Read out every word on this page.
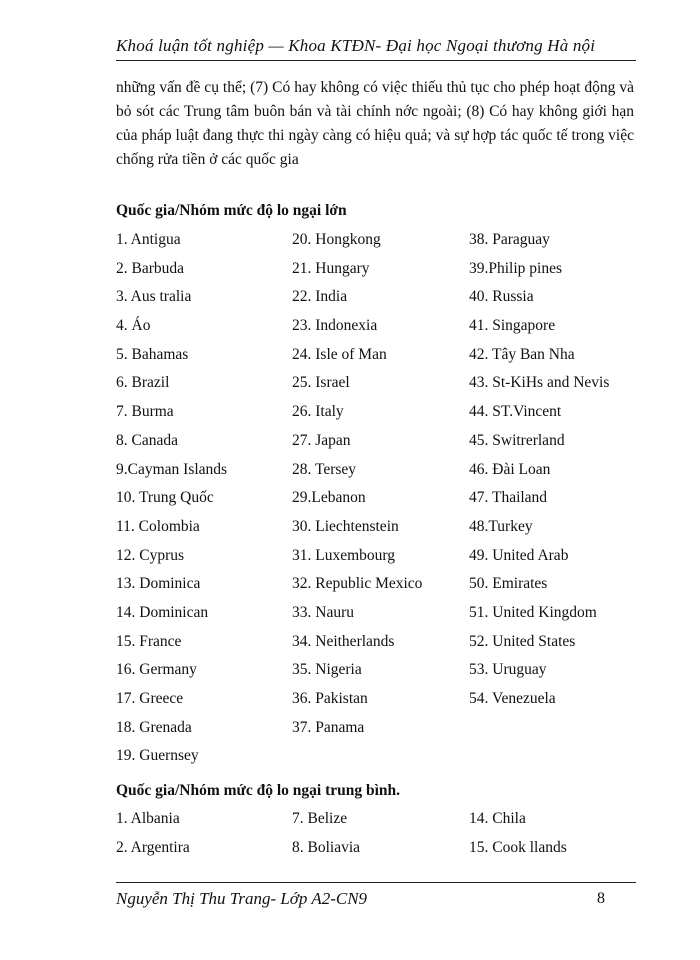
Khoá luận tốt nghiệp — Khoa KTĐN- Đại học Ngoại thương Hà nội

những vấn đề cụ thể; (7) Có hay không có việc thiếu thủ tục cho phép hoạt động và bỏ sót các Trung tâm buôn bán và tài chính nớc ngoài; (8) Có hay không giới hạn của pháp luật đang thực thi ngày càng có hiệu quả; và sự hợp tác quốc tế trong việc chống rửa tiền ở các quốc gia

Quốc gia/Nhóm mức độ lo ngại lớn
1. Antigua
2. Barbuda
3. Aus tralia
4. Áo
5. Bahamas
6. Brazil
7. Burma
8. Canada
9.Cayman Islands
10. Trung Quốc
11. Colombia
12. Cyprus
13. Dominica
14. Dominican
15. France
16. Germany
17. Greece
18. Grenada
19. Guernsey
20. Hongkong
21. Hungary
22. India
23. Indonexia
24. Isle of Man
25. Israel
26. Italy
27. Japan
28. Tersey
29.Lebanon
30. Liechtenstein
31. Luxembourg
32. Republic Mexico
33. Nauru
34. Neitherlands
35. Nigeria
36. Pakistan
37. Panama
38. Paraguay
39.Philip pines
40. Russia
41. Singapore
42. Tây Ban Nha
43. St-KiHs and Nevis
44. ST.Vincent
45. Switrerland
46. Đài Loan
47. Thailand
48.Turkey
49. United Arab
50. Emirates
51. United Kingdom
52. United States
53. Uruguay
54. Venezuela
Quốc gia/Nhóm mức độ lo ngại trung bình.
1. Albania
2. Argentira
7. Belize
8. Boliavia
14. Chila
15. Cook llands
Nguyễn Thị Thu Trang- Lớp A2-CN9	8
